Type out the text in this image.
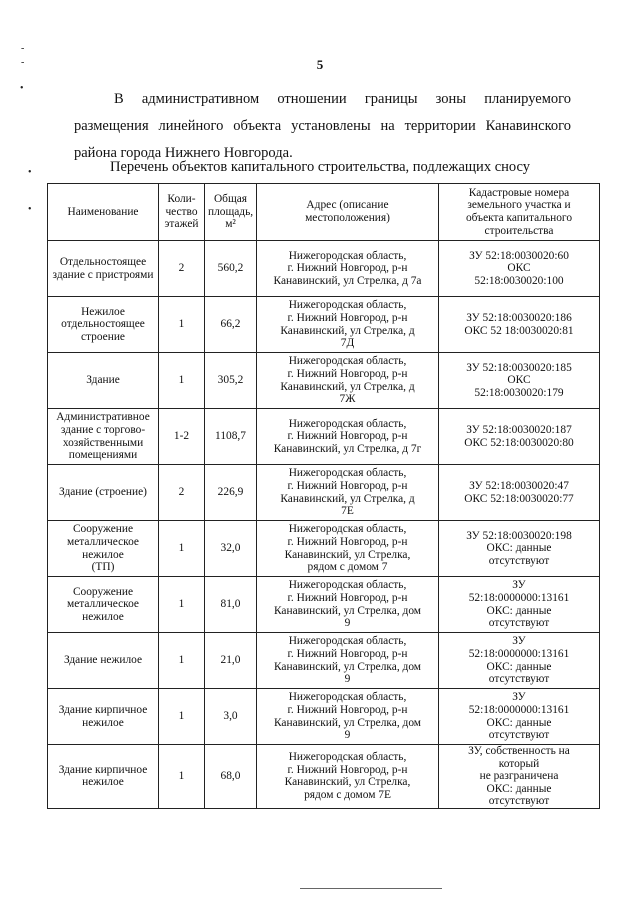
-
-
•
•
•
5
В административном отношении границы зоны планируемого
размещения линейного объекта установлены на территории Канавинского
района города Нижнего Новгорода.
Перечень объектов капитального строительства, подлежащих сносу
Наименование	Коли-
чество
этажей	Общая
площадь,
м²	Адрес (описание
местоположения)	Кадастровые номера
земельного участка и
объекта капитального
строительства

Отдельностоящее
здание с пристроями	2	560,2	Нижегородская область,
г. Нижний Новгород, р-н
Канавинский, ул Стрелка, д 7а	ЗУ 52:18:0030020:60
ОКС
52:18:0030020:100

Нежилое
отдельностоящее
строение	1	66,2	Нижегородская область,
г. Нижний Новгород, р-н
Канавинский, ул Стрелка, д
7Д	ЗУ 52:18:0030020:186
ОКС 52 18:0030020:81

Здание	1	305,2	Нижегородская область,
г. Нижний Новгород, р-н
Канавинский, ул Стрелка, д
7Ж	ЗУ 52:18:0030020:185
ОКС
52:18:0030020:179

Административное
здание с торгово-
хозяйственными
помещениями	1-2	1108,7	Нижегородская область,
г. Нижний Новгород, р-н
Канавинский, ул Стрелка, д 7г	ЗУ 52:18:0030020:187
ОКС 52:18:0030020:80

Здание (строение)	2	226,9	Нижегородская область,
г. Нижний Новгород, р-н
Канавинский, ул Стрелка, д
7Е	ЗУ 52:18:0030020:47
ОКС 52:18:0030020:77

Сооружение
металлическое
нежилое
(ТП)	1	32,0	Нижегородская область,
г. Нижний Новгород, р-н
Канавинский, ул Стрелка,
рядом с домом 7	ЗУ 52:18:0030020:198
ОКС: данные
отсутствуют

Сооружение
металлическое
нежилое	1	81,0	Нижегородская область,
г. Нижний Новгород, р-н
Канавинский, ул Стрелка, дом
9	ЗУ
52:18:0000000:13161
ОКС: данные
отсутствуют

Здание нежилое	1	21,0	Нижегородская область,
г. Нижний Новгород, р-н
Канавинский, ул Стрелка, дом
9	ЗУ
52:18:0000000:13161
ОКС: данные
отсутствуют

Здание кирпичное
нежилое	1	3,0	Нижегородская область,
г. Нижний Новгород, р-н
Канавинский, ул Стрелка, дом
9	ЗУ
52:18:0000000:13161
ОКС: данные
отсутствуют

Здание кирпичное
нежилое	1	68,0	Нижегородская область,
г. Нижний Новгород, р-н
Канавинский, ул Стрелка,
рядом с домом 7Е	ЗУ, собственность на
который
не разграничена
ОКС: данные
отсутствуют
